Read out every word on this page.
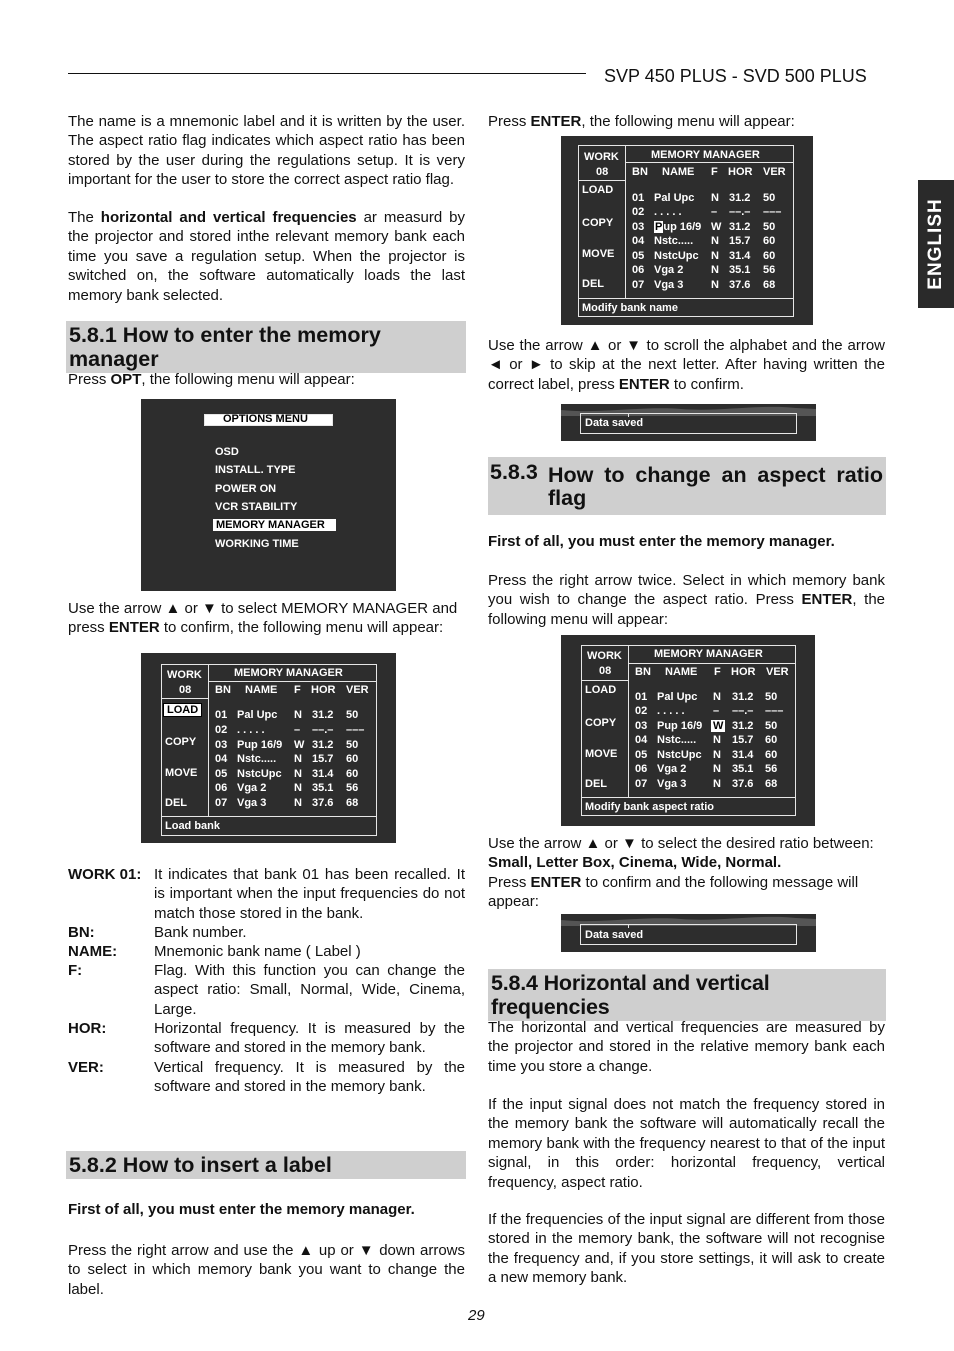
SVP 450 PLUS - SVD 500 PLUS
ENGLISH
The name is a mnemonic label and it is written by the user. The aspect ratio flag indicates which aspect ratio has been stored by the user during the regulations setup. It is very important for the user to store the correct aspect ratio flag.
The horizontal and vertical frequencies ar measurd by the projector and stored inthe relevant memory bank each time you save a regulation setup. When the projector is switched on, the software automatically loads the last memory bank selected.
5.8.1 How to enter the memory manager
Press OPT, the following menu will appear:
OPTIONS MENU
OSD
INSTALL. TYPE
POWER ON
VCR STABILITY
MEMORY MANAGER
WORKING TIME
Use the arrow ▲ or ▼ to select MEMORY MANAGER and press ENTER to confirm, the following menu will appear:
WORK
08
MEMORY MANAGER
BN NAME F HOR VER
LOAD
COPY
MOVE
DEL
01 Pal Upc N 31.2 50
02 . . . . .	– ––.– –––
03 Pup 16/9 W 31.2 50
04 Nstc..... N 15.7 60
05 NstcUpc N 31.4 60
06 Vga 2	N 35.1 56
07 Vga 3	N 37.6 68
Load bank
WORK 01: It indicates that bank 01 has been recalled. It is important when the input frequencies do not match those stored in the bank.
BN:	Bank number.
NAME: Mnemonic bank name ( Label )
F:	Flag. With this function you can change the aspect ratio: Small, Normal, Wide, Cinema, Large.
HOR:	Horizontal frequency. It is measured by the software and stored in the memory bank.
VER:	Vertical frequency. It is measured by the software and stored in the memory bank.
5.8.2 How to insert a label
First of all, you must enter the memory manager.
Press the right arrow and use the ▲ up or ▼ down arrows to select in which memory bank you want to change the label.
Press ENTER, the following menu will appear:
WORK
08
MEMORY MANAGER
BN NAME F HOR VER
LOAD
COPY
MOVE
DEL
01 Pal Upc N 31.2 50
02 . . . . .	– ––.– –––
03 Pup 16/9 W 31.2 50
04 Nstc..... N 15.7 60
05 NstcUpc N 31.4 60
06 Vga 2	N 35.1 56
07 Vga 3	N 37.6 68
Modify bank name
Use the arrow ▲ or ▼ to scroll the alphabet and the arrow ◄ or ► to skip at the next letter. After having written the correct label, press ENTER to confirm.
Data saved
5.8.3 How to change an aspect ratio flag
First of all, you must enter the memory manager.
Press the right arrow twice. Select in which memory bank you wish to change the aspect ratio. Press ENTER, the following menu will appear:
WORK
08
MEMORY MANAGER
BN NAME F HOR VER
LOAD
COPY
MOVE
DEL
01 Pal Upc N 31.2 50
02 . . . . .	– ––.– –––
03 Pup 16/9 W 31.2 50
04 Nstc..... N 15.7 60
05 NstcUpc N 31.4 60
06 Vga 2 N 35.1 56
07 Vga 3 N 37.6 68
Modify bank aspect ratio
Use the arrow ▲ or ▼ to select the desired ratio between: Small, Letter Box, Cinema, Wide, Normal.
Press ENTER to confirm and the following message will appear:
Data saved
5.8.4 Horizontal and vertical frequencies
The horizontal and vertical frequencies are measured by the projector and stored in the relative memory bank each time you store a change.
If the input signal does not match the frequency stored in the memory bank the software will automatically recall the memory bank with the frequency nearest to that of the input signal, in this order: horizontal frequency, vertical frequency, aspect ratio.
If the frequencies of the input signal are different from those stored in the memory bank, the software will not recognise the frequency and, if you store settings, it will ask to create a new memory bank.
29
